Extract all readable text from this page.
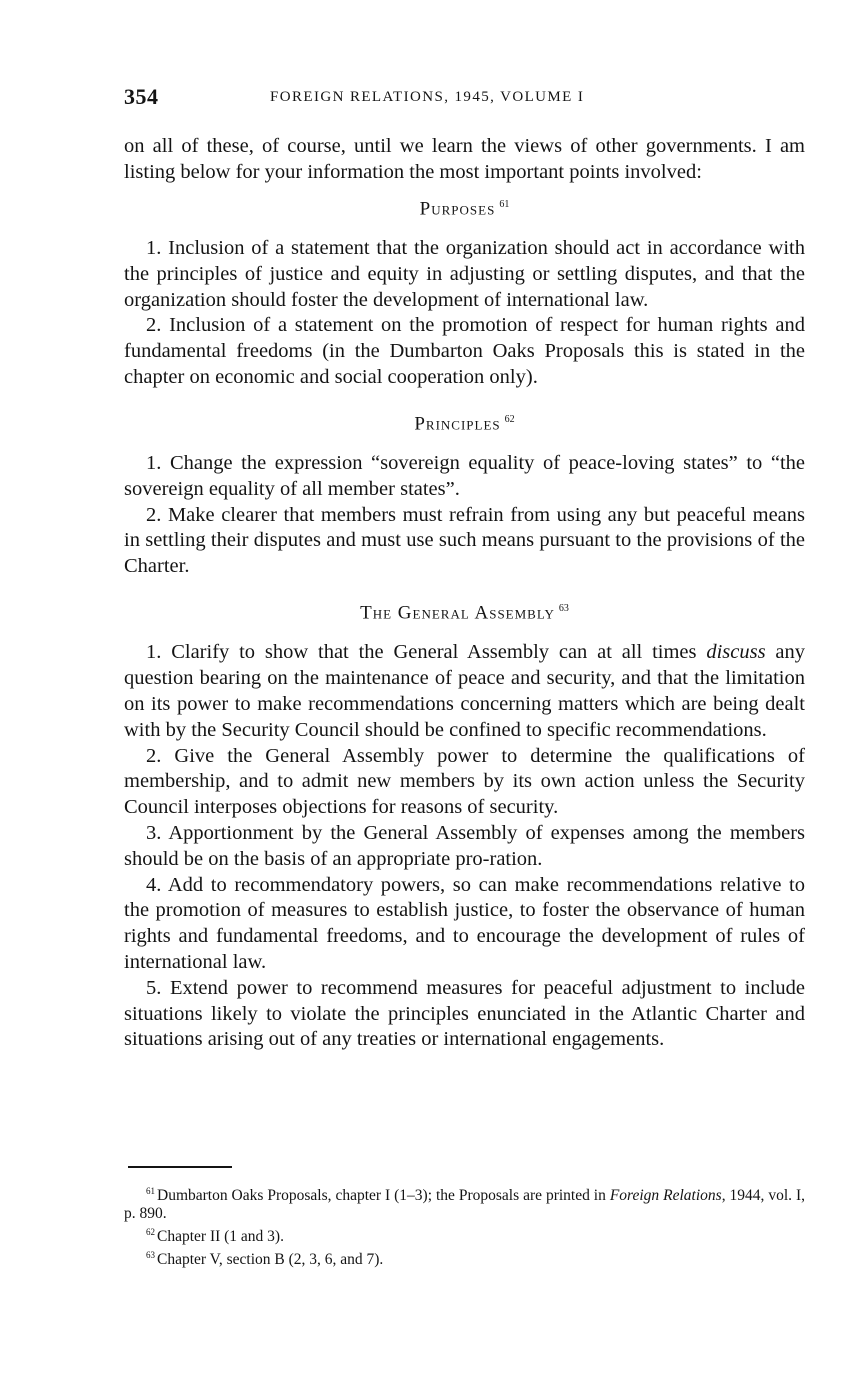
354	FOREIGN RELATIONS, 1945, VOLUME I

on all of these, of course, until we learn the views of other governments. I am listing below for your information the most important points involved:

Purposes $^{61}$

1. Inclusion of a statement that the organization should act in accordance with the principles of justice and equity in adjusting or settling disputes, and that the organization should foster the development of international law.

2. Inclusion of a statement on the promotion of respect for human rights and fundamental freedoms (in the Dumbarton Oaks Proposals this is stated in the chapter on economic and social cooperation only).

Principles $^{62}$

1. Change the expression “sovereign equality of peace-loving states” to “the sovereign equality of all member states”.

2. Make clearer that members must refrain from using any but peaceful means in settling their disputes and must use such means pursuant to the provisions of the Charter.

The General Assembly $^{63}$

1. Clarify to show that the General Assembly can at all times discuss any question bearing on the maintenance of peace and security, and that the limitation on its power to make recommendations concerning matters which are being dealt with by the Security Council should be confined to specific recommendations.

2. Give the General Assembly power to determine the qualifications of membership, and to admit new members by its own action unless the Security Council interposes objections for reasons of security.

3. Apportionment by the General Assembly of expenses among the members should be on the basis of an appropriate pro-ration.

4. Add to recommendatory powers, so can make recommendations relative to the promotion of measures to establish justice, to foster the observance of human rights and fundamental freedoms, and to encourage the development of rules of international law.

5. Extend power to recommend measures for peaceful adjustment to include situations likely to violate the principles enunciated in the Atlantic Charter and situations arising out of any treaties or international engagements.

$^{61}$ Dumbarton Oaks Proposals, chapter I (1–3); the Proposals are printed in Foreign Relations, 1944, vol. I, p. 890.

$^{62}$ Chapter II (1 and 3).

$^{63}$ Chapter V, section B (2, 3, 6, and 7).
